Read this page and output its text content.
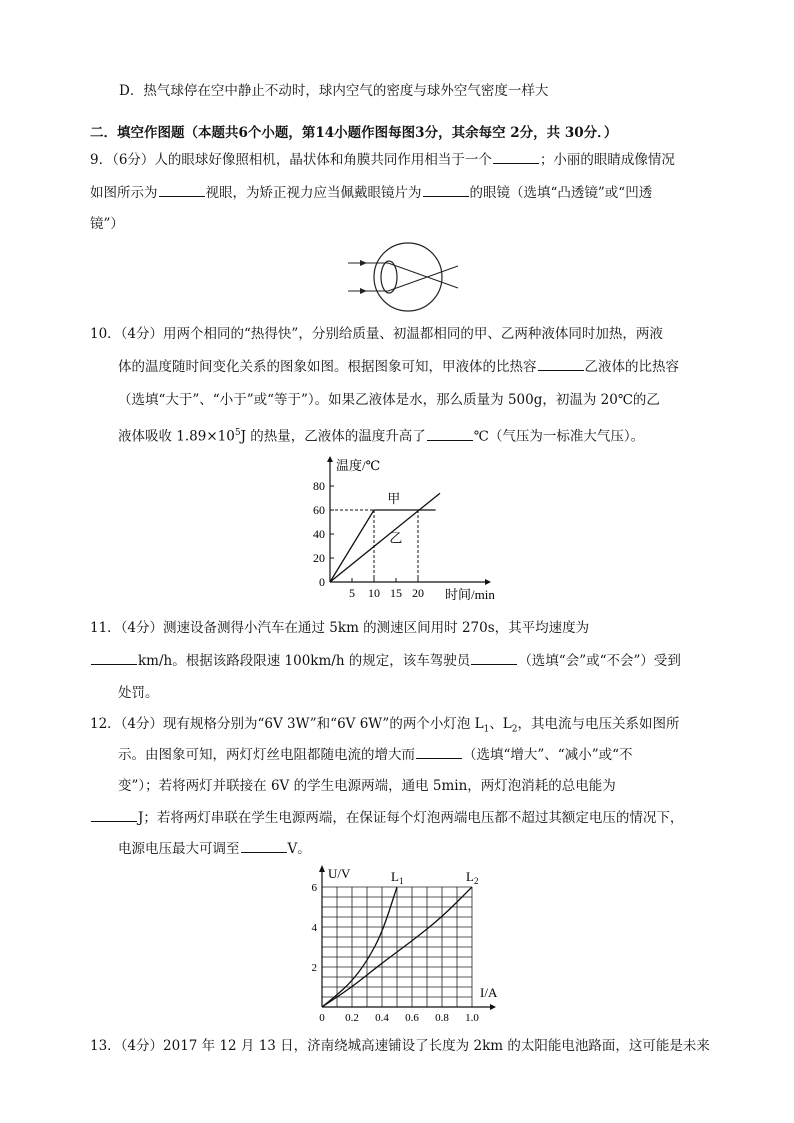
D．热气球停在空中静止不动时，球内空气的密度与球外空气密度一样大
二．填空作图题（本题共6个小题，第14小题作图每图3分，其余每空 2分，共 30分．）
9．（6分）人的眼球好像照相机，晶状体和角膜共同作用相当于一个	；小丽的眼睛成像情况
如图所示为	视眼，为矫正视力应当佩戴眼镜片为	的眼镜（选填“凸透镜”或“凹透
镜”）
10．（4分）用两个相同的“热得快”，分别给质量、初温都相同的甲、乙两种液体同时加热，两液
体的温度随时间变化关系的图象如图。根据图象可知，甲液体的比热容	乙液体的比热容
（选填“大于”、“小于”或“等于”）。如果乙液体是水，那么质量为 500g，初温为 20℃的乙
液体吸收 $1.89\times 10^5J$ 的热量，乙液体的温度升高了	℃（气压为一标准大气压）。
0
20
40
60
80
5 10 15 20
温度/℃
时间/min
甲
乙
11．（4分）测速设备测得小汽车在通过 5km 的测速区间用时 270s，其平均速度为
km/h。根据该路段限速 100km/h 的规定，该车驾驶员	（选填“会”或“不会”）受到
处罚。
12．（4分）现有规格分别为“6V 3W”和“6V 6W”的两个小灯泡 $L_1$、$L_2$，其电流与电压关系如图所
示。由图象可知，两灯灯丝电阻都随电流的增大而	（选填“增大”、“减小”或“不
变”）；若将两灯并联接在 6V 的学生电源两端，通电 5min，两灯泡消耗的总电能为
J；若将两灯串联在学生电源两端，在保证每个灯泡两端电压都不超过其额定电压的情况下，
电源电压最大可调至	V。
0 0.2 0.4 0.6 0.8 1.0
2
4
6
U/V
I/A
$L_1$	$L_2$
13．（4分）2017 年 12 月 13 日，济南绕城高速铺设了长度为 2km 的太阳能电池路面，这可能是未来
